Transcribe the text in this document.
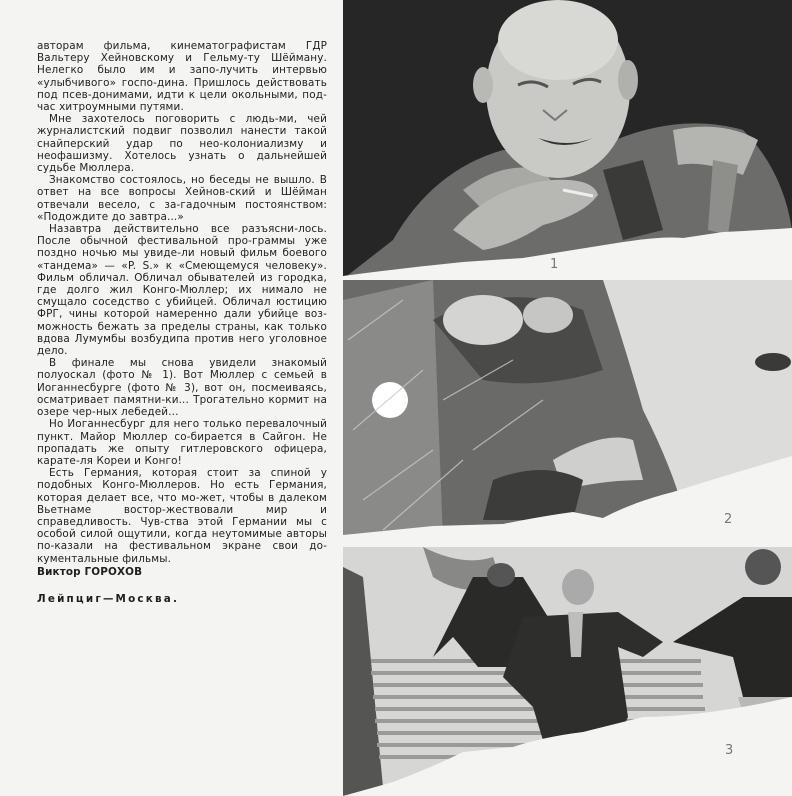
авторам фильма, кинематографистам ГДР Вальтеру Хейновскому и Гельму-ту Шёйману. Нелегко было им и запо-лучить интервью «улыбчивого» госпо-дина. Пришлось действовать под псев-донимами, идти к цели окольными, под-час хитроумными путями.

Мне захотелось поговорить с людь-ми, чей журналистский подвиг позволил нанести такой снайперский удар по нео-колониализму и неофашизму. Хотелось узнать о дальнейшей судьбе Мюллера.

Знакомство состоялось, но беседы не вышло. В ответ на все вопросы Хейнов-ский и Шёйман отвечали весело, с за-гадочным постоянством: «Подождите до завтра...»

Назавтра действительно все разъясни-лось. После обычной фестивальной про-граммы уже поздно ночью мы увиде-ли новый фильм боевого «тандема» — «P. S.» к «Смеющемуся человеку». Фильм обличал. Обличал обывателей из городка, где долго жил Конго-Мюллер; их нимало не смущало соседство с убийцей. Обличал юстицию ФРГ, чины которой намеренно дали убийце воз-можность бежать за пределы страны, как только вдова Лумумбы возбудипа против него уголовное дело.

В финале мы снова увидели знакомый полуоскал (фото № 1). Вот Мюллер с семьей в Иоганнесбурге (фото № 3), вот он, посмеиваясь, осматривает памятни-ки... Трогательно кормит на озере чер-ных лебедей...

Но Иоганнесбург для него только перевалочный пункт. Майор Мюллер со-бирается в Сайгон. Не пропадать же опыту гитлеровского офицера, карате-ля Кореи и Конго!

Есть Германия, которая стоит за спиной у подобных Конго-Мюллеров. Но есть Германия, которая делает все, что мо-жет, чтобы в далеком Вьетнаме востор-жествовали мир и справедливость. Чув-ства этой Германии мы с особой силой ощутили, когда неутомимые авторы по-казали на фестивальном экране свои до-кументальные фильмы.

Виктор ГОРОХОВ

Лейпциг—Москва.

1
2
3
